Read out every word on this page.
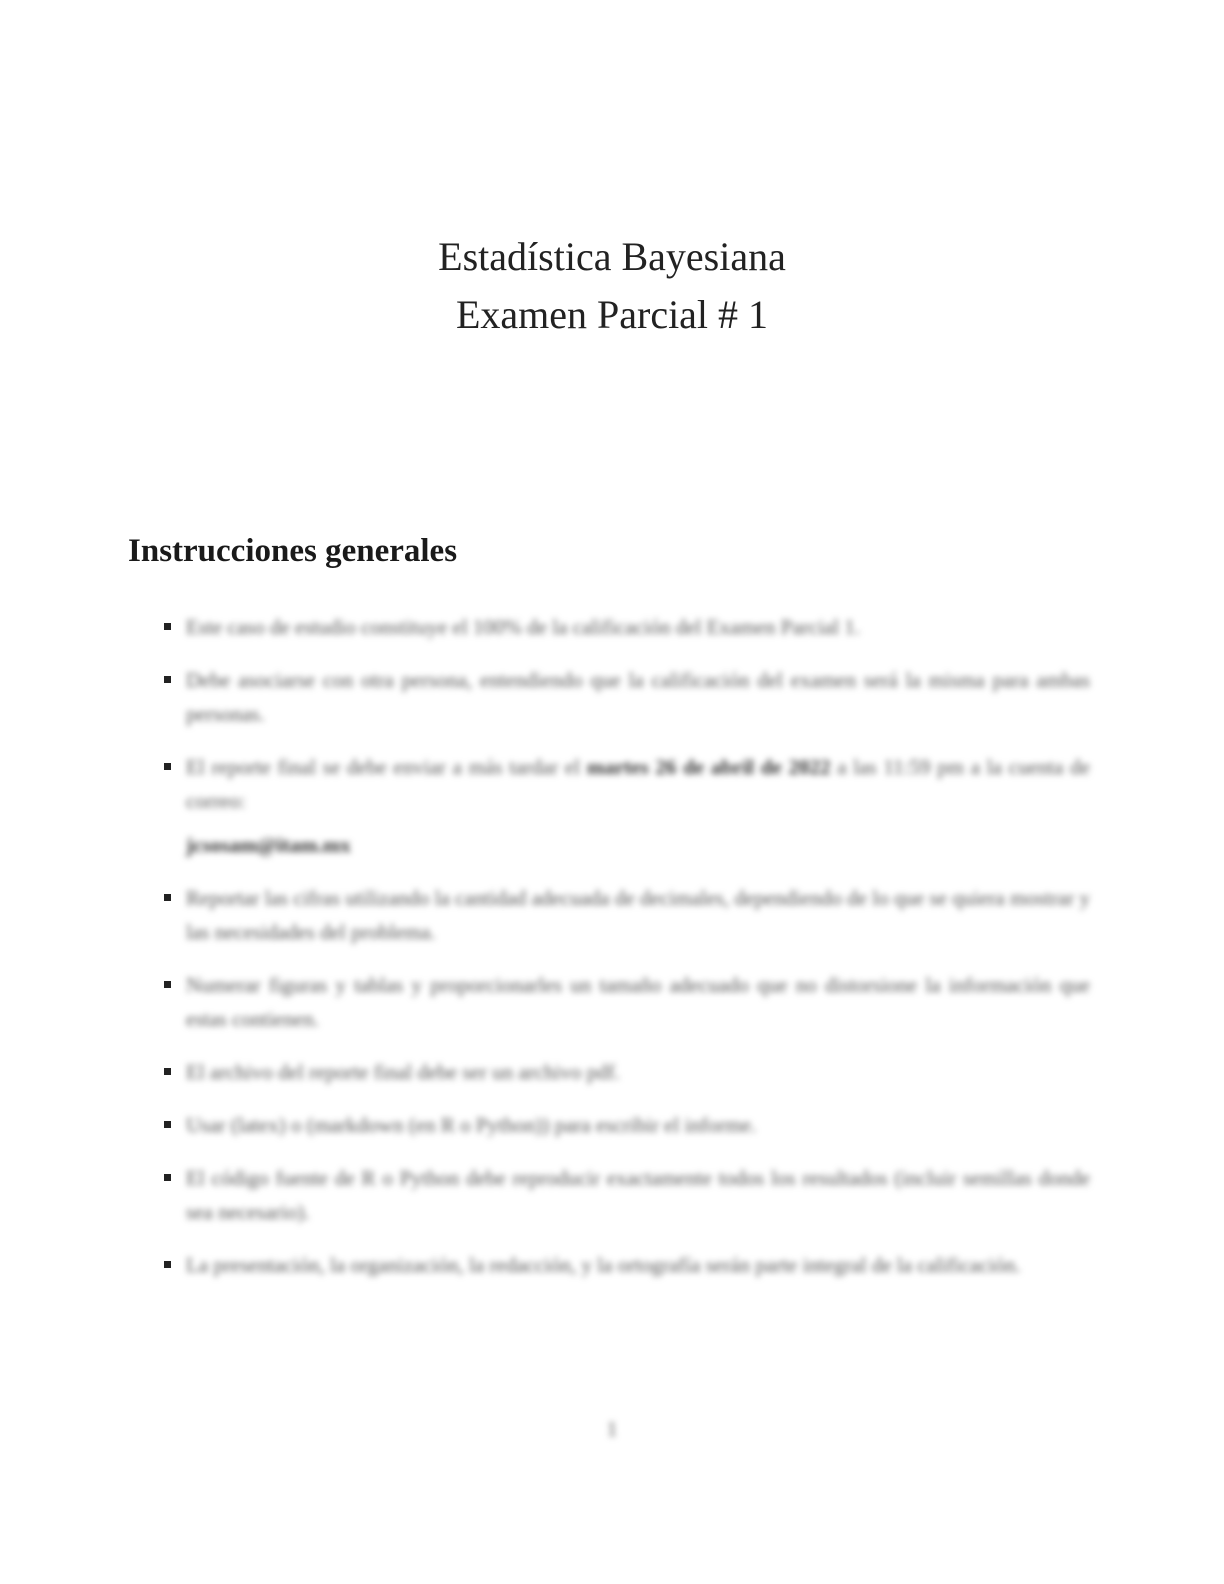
Estadística Bayesiana
Examen Parcial # 1
Instrucciones generales
Este caso de estudio constituye el 100% de la calificación del Examen Parcial 1.
Debe asociarse con otra persona, entendiendo que la calificación del examen será la misma para ambas personas.
El reporte final se debe enviar a más tardar el martes 26 de abril de 2022 a las 11:59 pm a la cuenta de correo:
jcsosam@itam.mx
Reportar las cifras utilizando la cantidad adecuada de decimales, dependiendo de lo que se quiera mostrar y las necesidades del problema.
Numerar figuras y tablas y proporcionarles un tamaño adecuado que no distorsione la información que estas contienen.
El archivo del reporte final debe ser un archivo pdf.
Usar (latex) o (markdown (en R o Python)) para escribir el informe.
El código fuente de R o Python debe reproducir exactamente todos los resultados (incluir semillas donde sea necesario).
La presentación, la organización, la redacción, y la ortografía serán parte integral de la calificación.
1
